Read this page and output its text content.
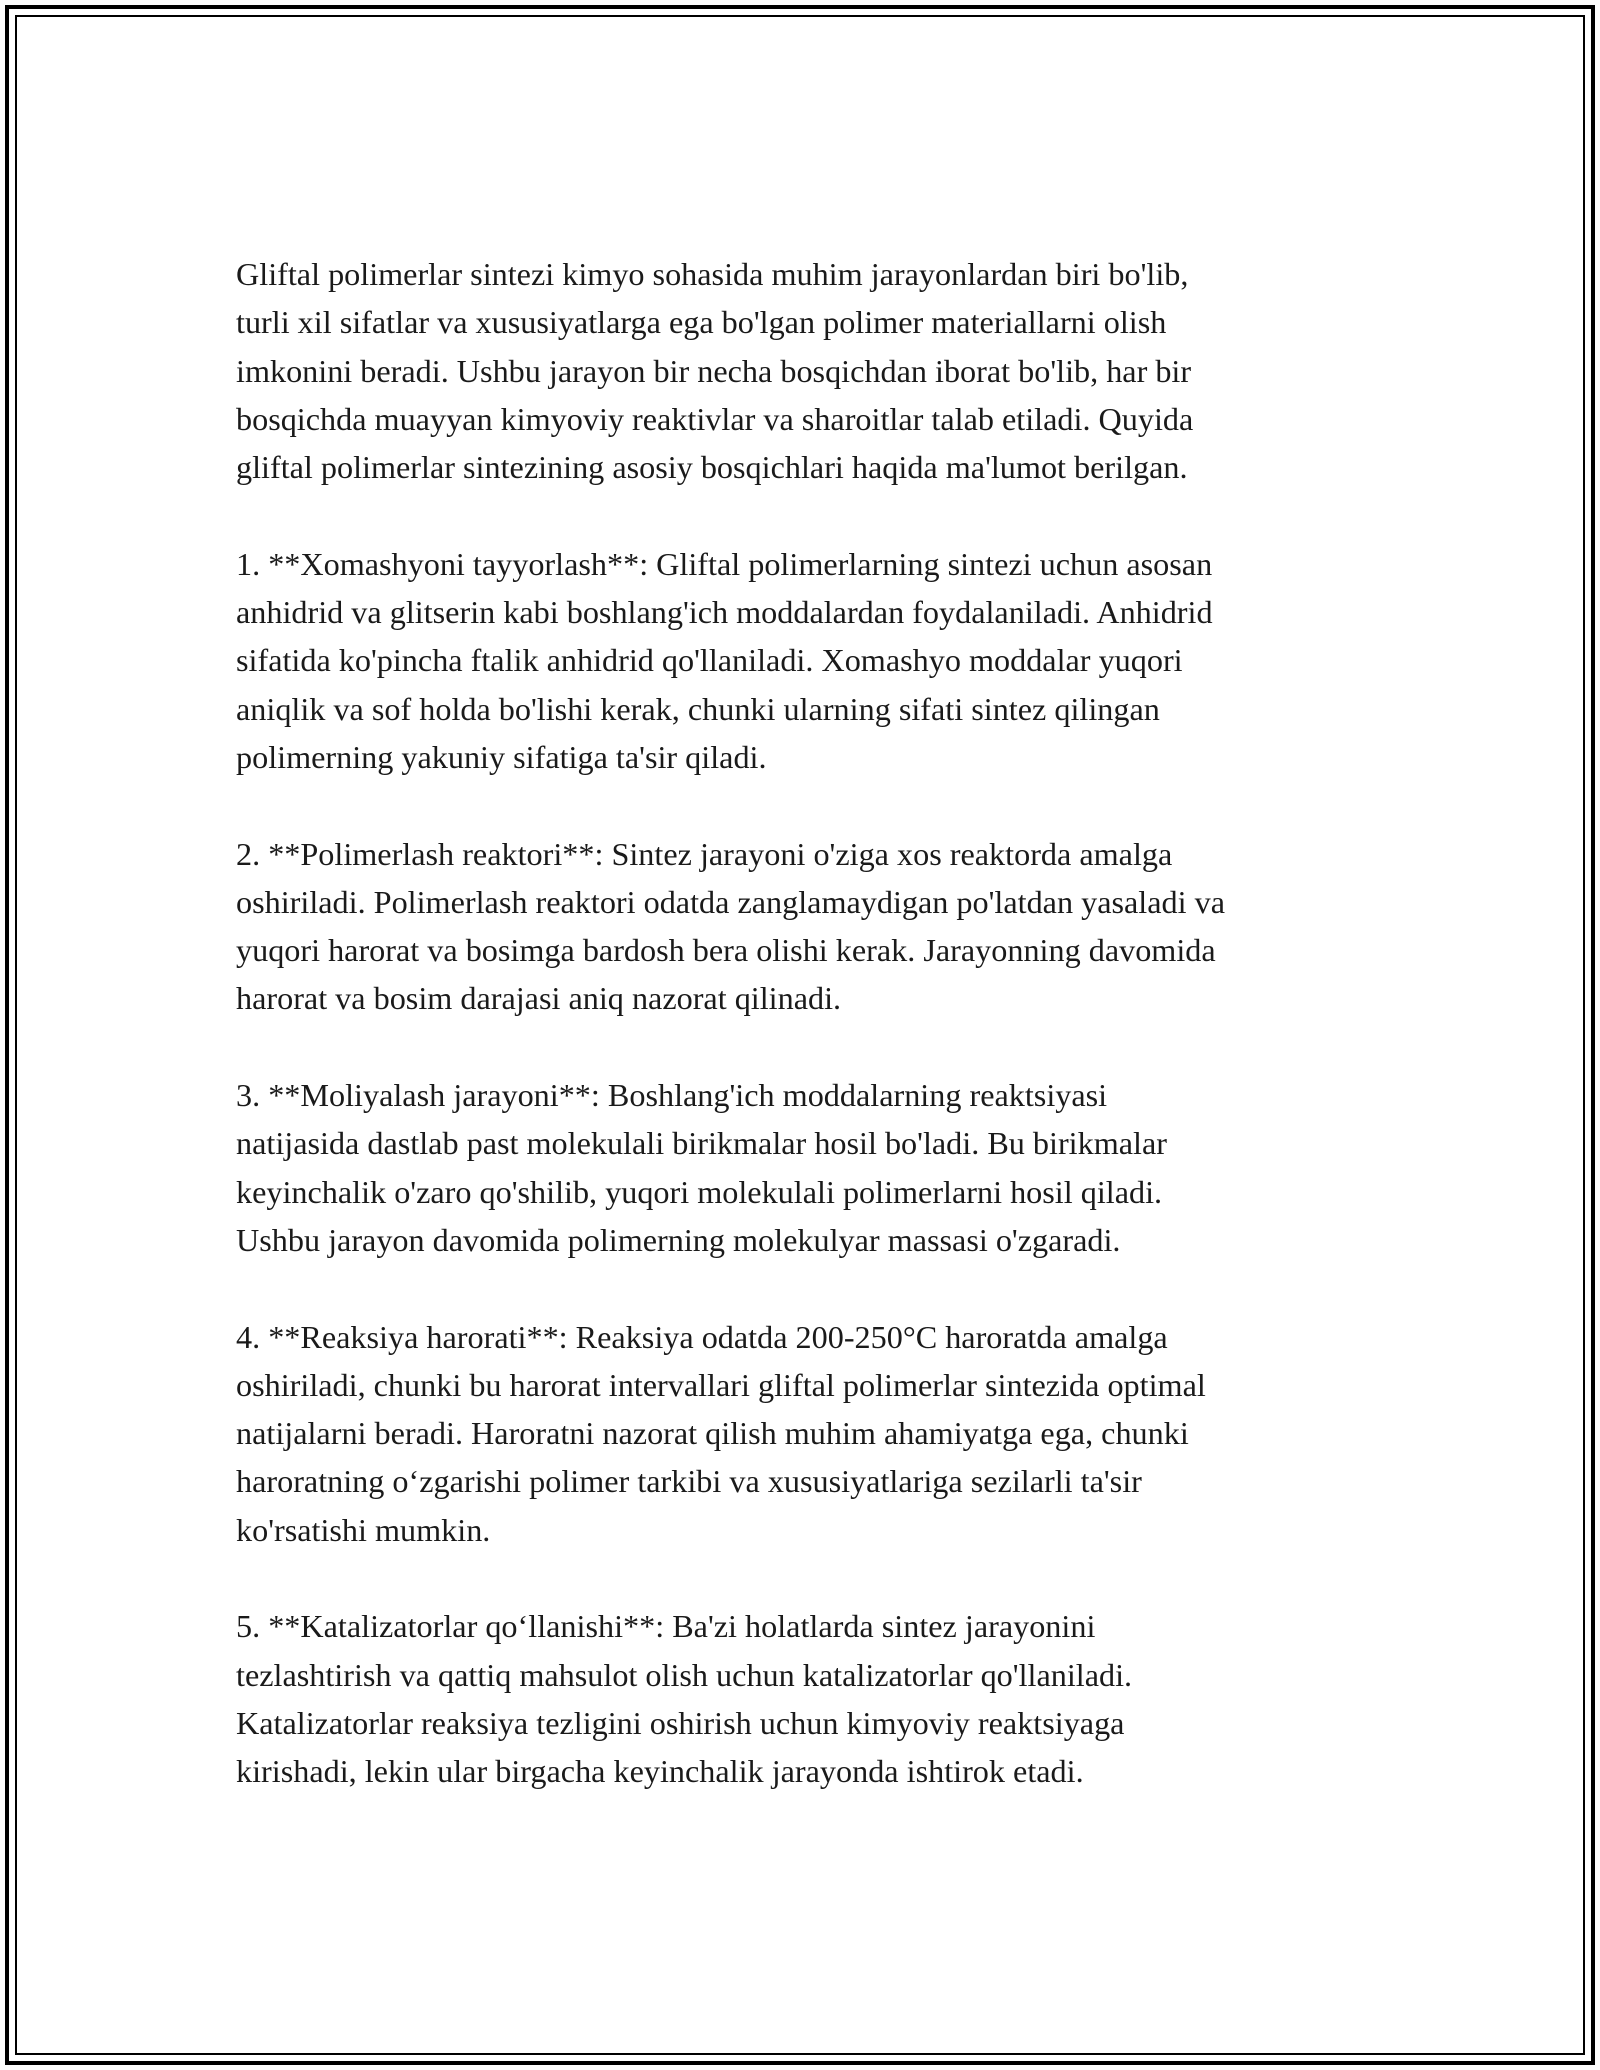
Gliftal polimerlar sintezi kimyo sohasida muhim jarayonlardan biri bo'lib,
turli xil sifatlar va xususiyatlarga ega bo'lgan polimer materiallarni olish
imkonini beradi. Ushbu jarayon bir necha bosqichdan iborat bo'lib, har bir
bosqichda muayyan kimyoviy reaktivlar va sharoitlar talab etiladi. Quyida
gliftal polimerlar sintezining asosiy bosqichlari haqida ma'lumot berilgan.

1. **Xomashyoni tayyorlash**: Gliftal polimerlarning sintezi uchun asosan
anhidrid va glitserin kabi boshlang'ich moddalardan foydalaniladi. Anhidrid
sifatida ko'pincha ftalik anhidrid qo'llaniladi. Xomashyo moddalar yuqori
aniqlik va sof holda bo'lishi kerak, chunki ularning sifati sintez qilingan
polimerning yakuniy sifatiga ta'sir qiladi.

2. **Polimerlash reaktori**: Sintez jarayoni o'ziga xos reaktorda amalga
oshiriladi. Polimerlash reaktori odatda zanglamaydigan po'latdan yasaladi va
yuqori harorat va bosimga bardosh bera olishi kerak. Jarayonning davomida
harorat va bosim darajasi aniq nazorat qilinadi.

3. **Moliyalash jarayoni**: Boshlang'ich moddalarning reaktsiyasi
natijasida dastlab past molekulali birikmalar hosil bo'ladi. Bu birikmalar
keyinchalik o'zaro qo'shilib, yuqori molekulali polimerlarni hosil qiladi.
Ushbu jarayon davomida polimerning molekulyar massasi o'zgaradi.

4. **Reaksiya harorati**: Reaksiya odatda 200-250°C haroratda amalga
oshiriladi, chunki bu harorat intervallari gliftal polimerlar sintezida optimal
natijalarni beradi. Haroratni nazorat qilish muhim ahamiyatga ega, chunki
haroratning oʻzgarishi polimer tarkibi va xususiyatlariga sezilarli ta'sir
ko'rsatishi mumkin.

5. **Katalizatorlar qoʻllanishi**: Ba'zi holatlarda sintez jarayonini
tezlashtirish va qattiq mahsulot olish uchun katalizatorlar qo'llaniladi.
Katalizatorlar reaksiya tezligini oshirish uchun kimyoviy reaktsiyaga
kirishadi, lekin ular birgacha keyinchalik jarayonda ishtirok etadi.
